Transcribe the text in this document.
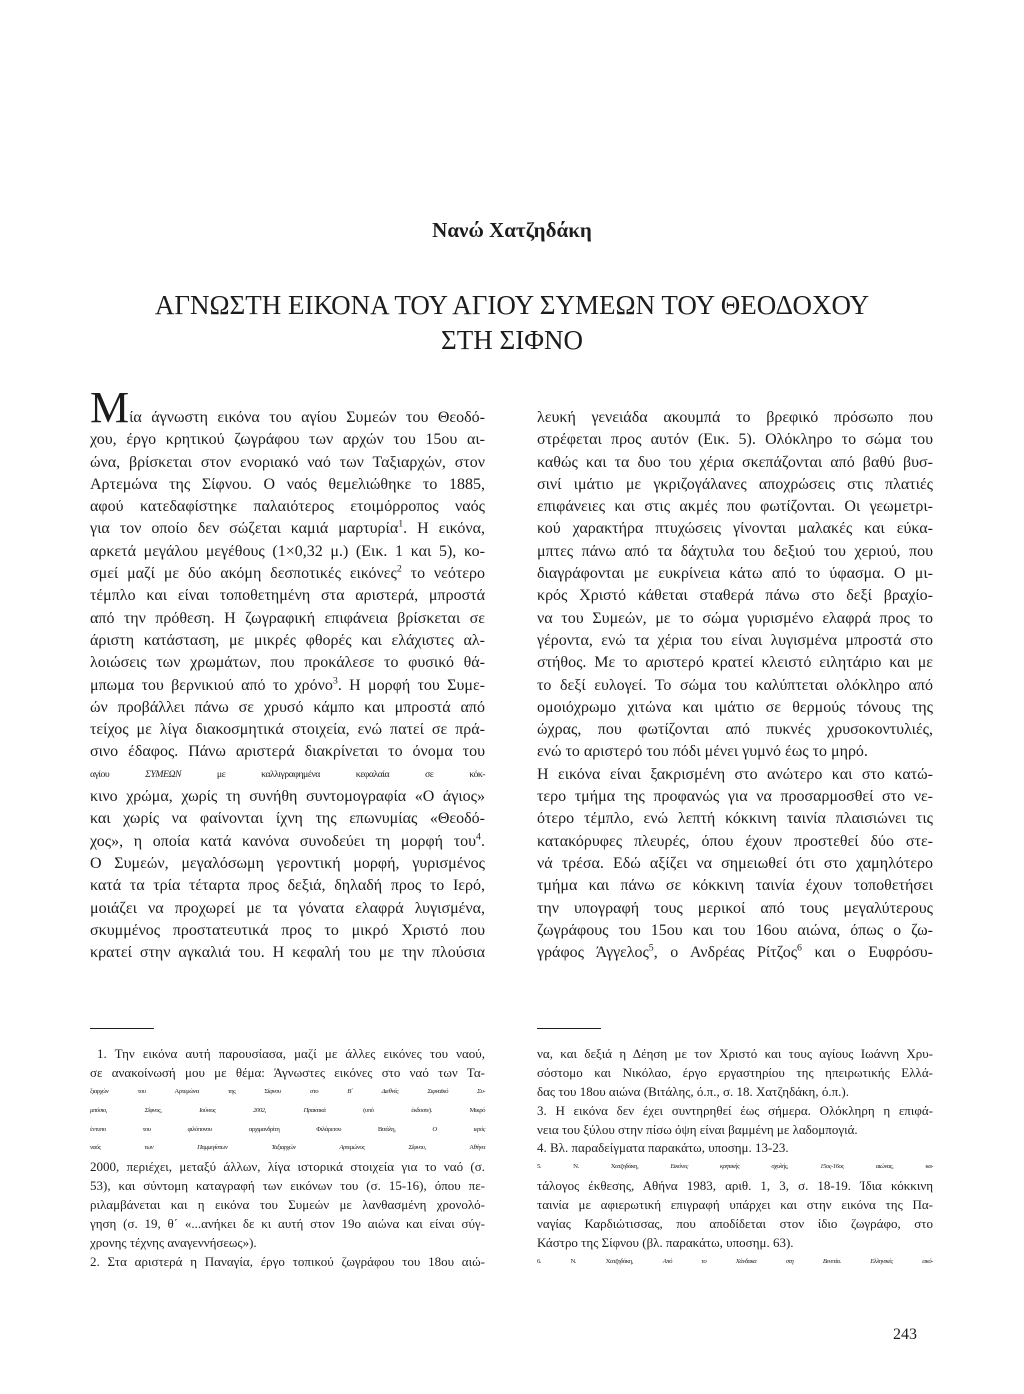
Νανώ Χατζηδάκη
ΑΓΝΩΣΤΗ ΕΙΚΟΝΑ ΤΟΥ ΑΓΙΟΥ ΣΥΜΕΩΝ ΤΟΥ ΘΕΟΔΟΧΟΥ
ΣΤΗ ΣΙΦΝΟ
Μία άγνωστη εικόνα του αγίου Συμεών του Θεοδό-
χου, έργο κρητικού ζωγράφου των αρχών του 15ου αι-
ώνα, βρίσκεται στον ενοριακό ναό των Ταξιαρχών, στον
Αρτεμώνα της Σίφνου. Ο ναός θεμελιώθηκε το 1885,
αφού κατεδαφίστηκε παλαιότερος ετοιμόρροπος ναός
για τον οποίο δεν σώζεται καμιά μαρτυρία$^1$. Η εικόνα,
αρκετά μεγάλου μεγέθους (1×0,32 μ.) (Εικ. 1 και 5), κο-
σμεί μαζί με δύο ακόμη δεσποτικές εικόνες$^2$ το νεότερο
τέμπλο και είναι τοποθετημένη στα αριστερά, μπροστά
από την πρόθεση. Η ζωγραφική επιφάνεια βρίσκεται σε
άριστη κατάσταση, με μικρές φθορές και ελάχιστες αλ-
λοιώσεις των χρωμάτων, που προκάλεσε το φυσικό θά-
μπωμα του βερνικιού από το χρόνο$^3$. Η μορφή του Συμε-
ών προβάλλει πάνω σε χρυσό κάμπο και μπροστά από
τείχος με λίγα διακοσμητικά στοιχεία, ενώ πατεί σε πρά-
σινο έδαφος. Πάνω αριστερά διακρίνεται το όνομα του
αγίου ΣΥΜΕΩΝ με καλλιγραφημένα κεφαλαία σε κόκ-
κινο χρώμα, χωρίς τη συνήθη συντομογραφία «Ο άγιος»
και χωρίς να φαίνονται ίχνη της επωνυμίας «Θεοδό-
χος», η οποία κατά κανόνα συνοδεύει τη μορφή του$^4$.
Ο Συμεών, μεγαλόσωμη γεροντική μορφή, γυρισμένος
κατά τα τρία τέταρτα προς δεξιά, δηλαδή προς το Ιερό,
μοιάζει να προχωρεί με τα γόνατα ελαφρά λυγισμένα,
σκυμμένος προστατευτικά προς το μικρό Χριστό που
κρατεί στην αγκαλιά του. Η κεφαλή του με την πλούσια
λευκή γενειάδα ακουμπά το βρεφικό πρόσωπο που
στρέφεται προς αυτόν (Εικ. 5). Ολόκληρο το σώμα του
καθώς και τα δυο του χέρια σκεπάζονται από βαθύ βυσ-
σινί ιμάτιο με γκριζογάλανες αποχρώσεις στις πλατιές
επιφάνειες και στις ακμές που φωτίζονται. Οι γεωμετρι-
κού χαρακτήρα πτυχώσεις γίνονται μαλακές και εύκα-
μπτες πάνω από τα δάχτυλα του δεξιού του χεριού, που
διαγράφονται με ευκρίνεια κάτω από το ύφασμα. Ο μι-
κρός Χριστό κάθεται σταθερά πάνω στο δεξί βραχίο-
να του Συμεών, με το σώμα γυρισμένο ελαφρά προς το
γέροντα, ενώ τα χέρια του είναι λυγισμένα μπροστά στο
στήθος. Με το αριστερό κρατεί κλειστό ειλητάριο και με
το δεξί ευλογεί. Το σώμα του καλύπτεται ολόκληρο από
ομοιόχρωμο χιτώνα και ιμάτιο σε θερμούς τόνους της
ώχρας, που φωτίζονται από πυκνές χρυσοκοντυλιές,
ενώ το αριστερό του πόδι μένει γυμνό έως το μηρό.
Η εικόνα είναι ξακρισμένη στο ανώτερο και στο κατώ-
τερο τμήμα της προφανώς για να προσαρμοσθεί στο νε-
ότερο τέμπλο, ενώ λεπτή κόκκινη ταινία πλαισιώνει τις
κατακόρυφες πλευρές, όπου έχουν προστεθεί δύο στε-
νά τρέσα. Εδώ αξίζει να σημειωθεί ότι στο χαμηλότερο
τμήμα και πάνω σε κόκκινη ταινία έχουν τοποθετήσει
την υπογραφή τους μερικοί από τους μεγαλύτερους
ζωγράφους του 15ου και του 16ου αιώνα, όπως ο ζω-
γράφος Άγγελος$^5$, ο Ανδρέας Ρίτζος$^6$ και ο Ευφρόσυ-
1. Την εικόνα αυτή παρουσίασα, μαζί με άλλες εικόνες του ναού,
σε ανακοίνωσή μου με θέμα: Άγνωστες εικόνες στο ναό των Τα-
ξιαρχών του Αρτεμώνα της Σίφνου στο Β΄ Διεθνές Σιφναϊκό Συ-
μπόσιο, Σίφνος, Ιούνιος 2002, Πρακτικά (υπό έκδοσιν). Μικρό
έντυπο του φιλόπονου αρχιμανδρίτη Φιλάρετου Βιτάλη, Ο ιερός
ναός των Παμμεγίστων Ταξιαρχών Αρτεμώνος Σίφνου, Αθήνα
2000, περιέχει, μεταξύ άλλων, λίγα ιστορικά στοιχεία για το ναό (σ.
53), και σύντομη καταγραφή των εικόνων του (σ. 15-16), όπου πε-
ριλαμβάνεται και η εικόνα του Συμεών με λανθασμένη χρονολό-
γηση (σ. 19, θ΄ «...ανήκει δε κι αυτή στον 19ο αιώνα και είναι σύγ-
χρονης τέχνης αναγεννήσεως»).
2. Στα αριστερά η Παναγία, έργο τοπικού ζωγράφου του 18ου αιώ-
να, και δεξιά η Δέηση με τον Χριστό και τους αγίους Ιωάννη Χρυ-
σόστομο και Νικόλαο, έργο εργαστηρίου της ηπειρωτικής Ελλά-
δας του 18ου αιώνα (Βιτάλης, ό.π., σ. 18. Χατζηδάκη, ό.π.).
3. Η εικόνα δεν έχει συντηρηθεί έως σήμερα. Ολόκληρη η επιφά-
νεια του ξύλου στην πίσω όψη είναι βαμμένη με λαδομπογιά.
4. Βλ. παραδείγματα παρακάτω, υποσημ. 13-23.
5. Ν. Χατζηδάκη, Εικόνες κρητικής σχολής, 15ος-16ος αιώνας, κα-
τάλογος έκθεσης, Αθήνα 1983, αριθ. 1, 3, σ. 18-19. Ίδια κόκκινη
ταινία με αφιερωτική επιγραφή υπάρχει και στην εικόνα της Πα-
ναγίας Καρδιώτισσας, που αποδίδεται στον ίδιο ζωγράφο, στο
Κάστρο της Σίφνου (βλ. παρακάτω, υποσημ. 63).
6. Ν. Χατζηδάκη, Από το Χάνδακα στη Βενετία. Ελληνικές εικό-
243
